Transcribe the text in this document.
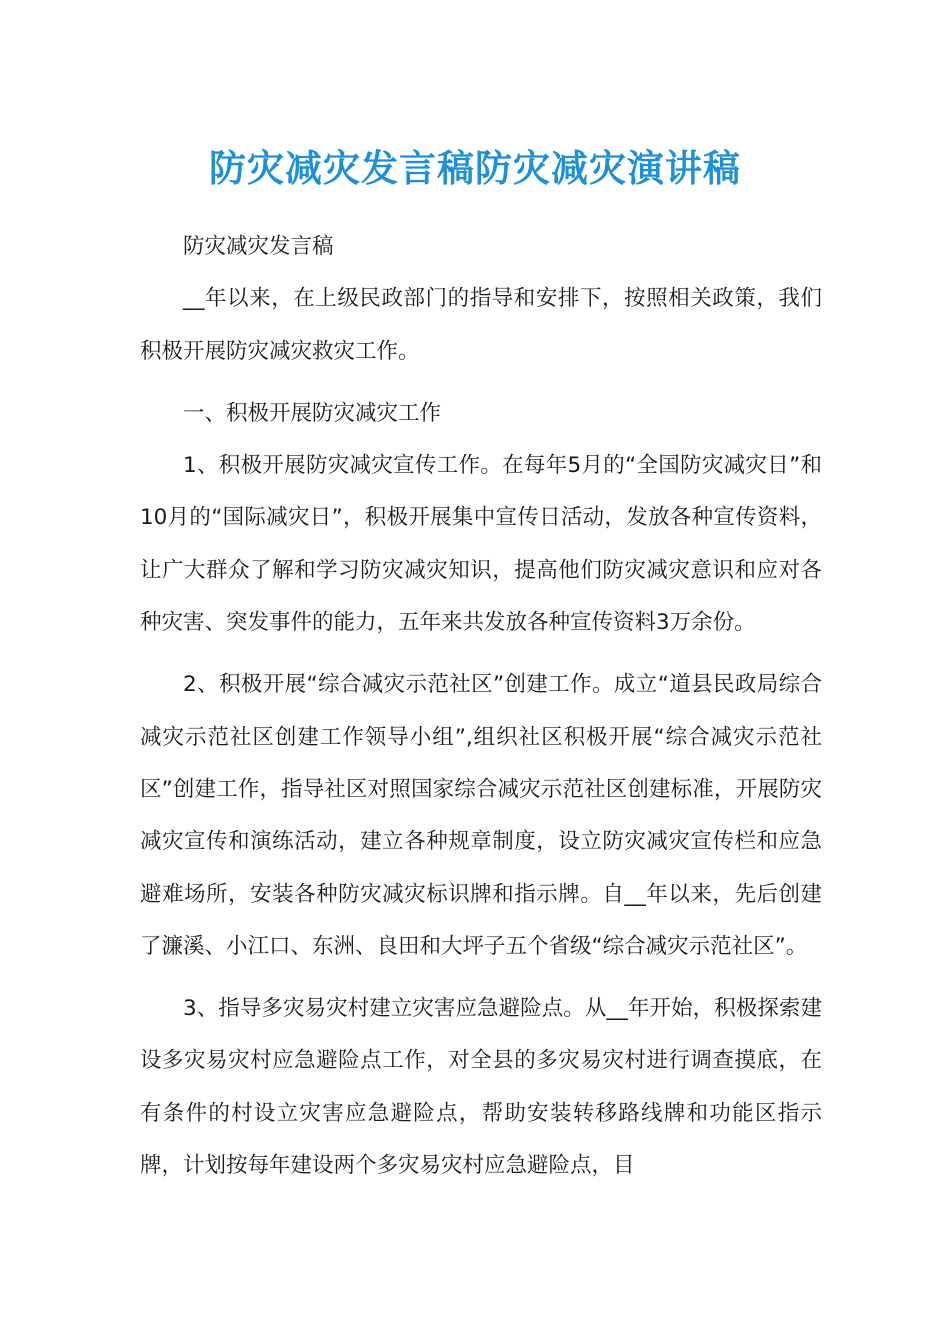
防灾减灾发言稿防灾减灾演讲稿

防灾减灾发言稿

__年以来，在上级民政部门的指导和安排下，按照相关政策，我们积极开展防灾减灾救灾工作。

一、积极开展防灾减灾工作

1、积极开展防灾减灾宣传工作。在每年5月的“全国防灾减灾日”和10月的“国际减灾日”，积极开展集中宣传日活动，发放各种宣传资料，让广大群众了解和学习防灾减灾知识，提高他们防灾减灾意识和应对各种灾害、突发事件的能力，五年来共发放各种宣传资料3万余份。

2、积极开展“综合减灾示范社区”创建工作。成立“道县民政局综合减灾示范社区创建工作领导小组”,组织社区积极开展“综合减灾示范社区”创建工作，指导社区对照国家综合减灾示范社区创建标准，开展防灾减灾宣传和演练活动，建立各种规章制度，设立防灾减灾宣传栏和应急避难场所，安装各种防灾减灾标识牌和指示牌。自__年以来，先后创建了濂溪、小江口、东洲、良田和大坪子五个省级“综合减灾示范社区”。

3、指导多灾易灾村建立灾害应急避险点。从__年开始，积极探索建设多灾易灾村应急避险点工作，对全县的多灾易灾村进行调查摸底，在有条件的村设立灾害应急避险点，帮助安装转移路线牌和功能区指示牌，计划按每年建设两个多灾易灾村应急避险点，目
